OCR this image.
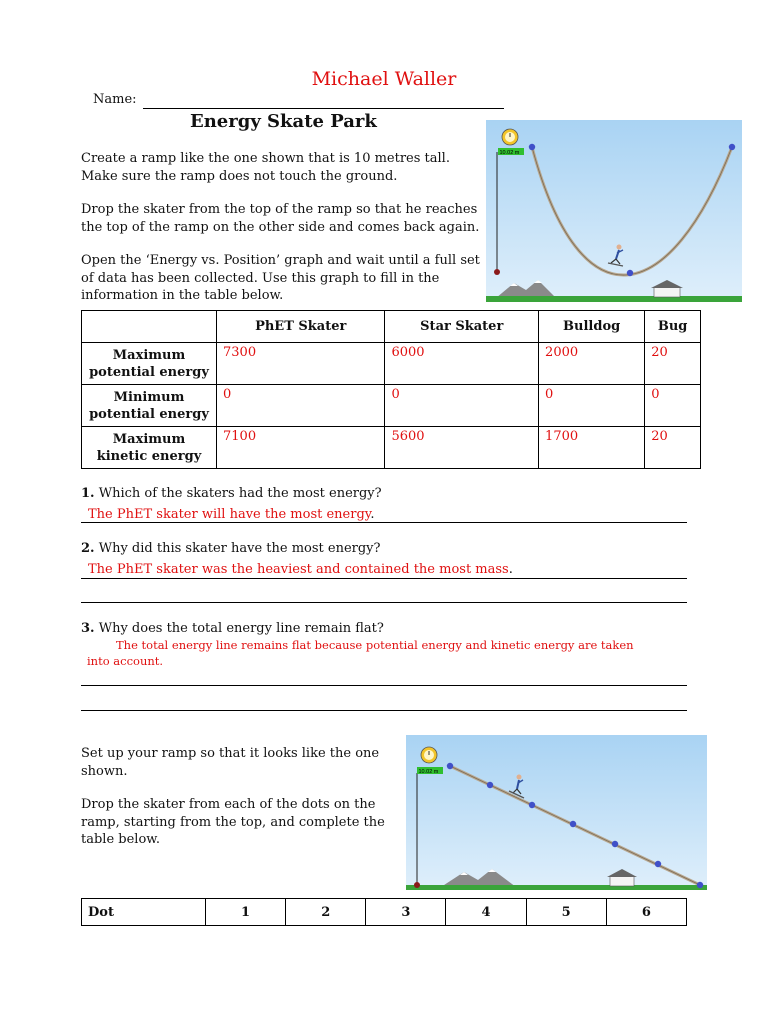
Michael Waller
Name:
Energy Skate Park
Create a ramp like the one shown that is 10 metres tall.
Make sure the ramp does not touch the ground.
Drop the skater from the top of the ramp so that he reaches
the top of the ramp on the other side and comes back again.
Open the ‘Energy vs. Position’ graph and wait until a full set
of data has been collected. Use this graph to fill in the
information in the table below.
10.02 m
	PhET Skater	Star Skater	Bulldog	Bug

Maximum
potential energy	7300	6000	2000	20

Minimum
potential energy	0	0	0	0

Maximum
kinetic energy	7100	5600	1700	20
1. Which of the skaters had the most energy?
The PhET skater will have the most energy.
2. Why did this skater have the most energy?
The PhET skater was the heaviest and contained the most mass.
3. Why does the total energy line remain flat?
The total energy line remains flat because potential energy and kinetic energy are taken
into account.
Set up your ramp so that it looks like the one
shown.
Drop the skater from each of the dots on the
ramp, starting from the top, and complete the
table below.
10.02 m
Dot	1	2	3	4	5	6
